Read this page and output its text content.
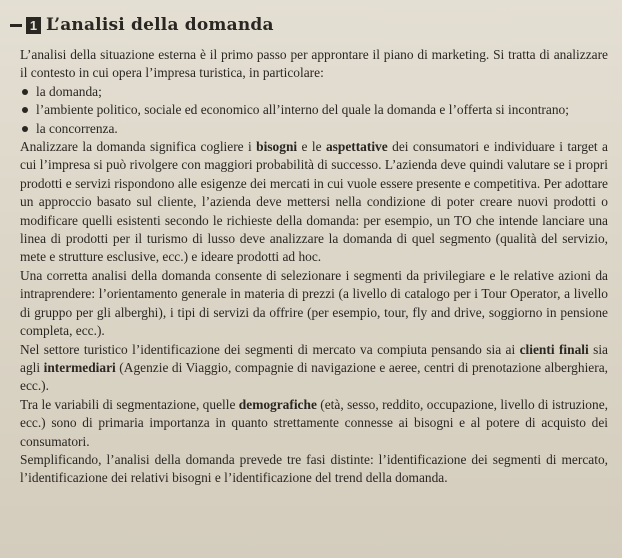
1 L’analisi della domanda

L’analisi della situazione esterna è il primo passo per approntare il piano di marketing. Si tratta di analizzare il contesto in cui opera l’impresa turistica, in particolare:

la domanda;
l’ambiente politico, sociale ed economico all’interno del quale la domanda e l’offerta si incontrano;
la concorrenza.

Analizzare la domanda significa cogliere i bisogni e le aspettative dei consumatori e individuare i target a cui l’impresa si può rivolgere con maggiori probabilità di successo. L’azienda deve quindi valutare se i propri prodotti e servizi rispondono alle esigenze dei mercati in cui vuole essere presente e competitiva. Per adottare un approccio basato sul cliente, l’azienda deve mettersi nella condizione di poter creare nuovi prodotti o modificare quelli esistenti secondo le richieste della domanda: per esempio, un TO che intende lanciare una linea di prodotti per il turismo di lusso deve analizzare la domanda di quel segmento (qualità del servizio, mete e strutture esclusive, ecc.) e ideare prodotti ad hoc.

Una corretta analisi della domanda consente di selezionare i segmenti da privilegiare e le relative azioni da intraprendere: l’orientamento generale in materia di prezzi (a livello di catalogo per i Tour Operator, a livello di gruppo per gli alberghi), i tipi di servizi da offrire (per esempio, tour, fly and drive, soggiorno in pensione completa, ecc.).

Nel settore turistico l’identificazione dei segmenti di mercato va compiuta pensando sia ai clienti finali sia agli intermediari (Agenzie di Viaggio, compagnie di navigazione e aeree, centri di prenotazione alberghiera, ecc.).

Tra le variabili di segmentazione, quelle demografiche (età, sesso, reddito, occupazione, livello di istruzione, ecc.) sono di primaria importanza in quanto strettamente connesse ai bisogni e al potere di acquisto dei consumatori.

Semplificando, l’analisi della domanda prevede tre fasi distinte: l’identificazione dei segmenti di mercato, l’identificazione dei relativi bisogni e l’identificazione del trend della domanda.
